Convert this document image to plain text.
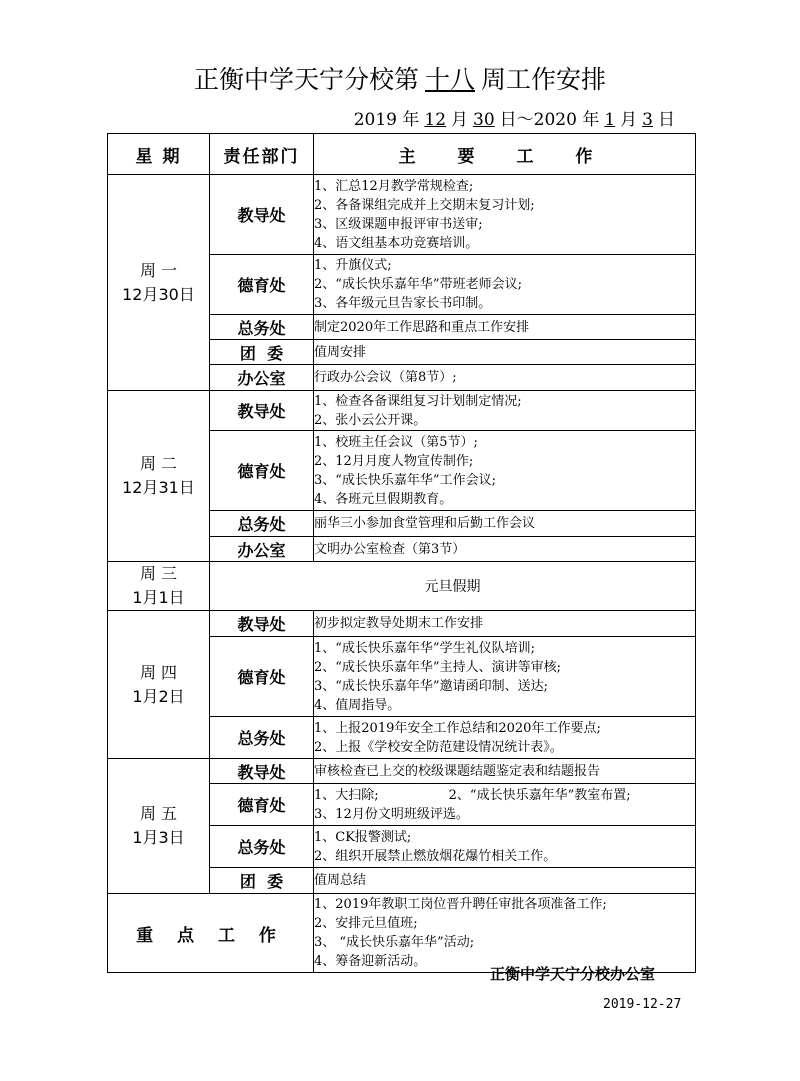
正衡中学天宁分校第 十八 周工作安排
2019 年 12 月 30 日～2020 年 1 月 3 日
星 期	责任部门	主 要 工 作

周 一
12月30日	教导处	1、汇总12月教学常规检查;
2、各备课组完成并上交期末复习计划;
3、区级课题申报评审书送审;
4、语文组基本功竞赛培训。

	德育处	1、升旗仪式;
2、“成长快乐嘉年华”带班老师会议;
3、各年级元旦告家长书印制。

	总务处	制定2020年工作思路和重点工作安排
	团  委	值周安排
	办公室	行政办公会议（第8节）;

周 二
12月31日	教导处	1、检查各备课组复习计划制定情况;
2、张小云公开课。

	德育处	1、校班主任会议（第5节）;
2、12月月度人物宣传制作;
3、“成长快乐嘉年华”工作会议;
4、各班元旦假期教育。

	总务处	丽华三小参加食堂管理和后勤工作会议
	办公室	文明办公室检查（第3节）

周 三
1月1日	元旦假期	

周 四
1月2日	教导处	初步拟定教导处期末工作安排
	德育处	1、“成长快乐嘉年华”学生礼仪队培训;
2、“成长快乐嘉年华”主持人、演讲等审核;
3、“成长快乐嘉年华”邀请函印制、送达;
4、值周指导。

	总务处	1、上报2019年安全工作总结和2020年工作要点;
2、上报《学校安全防范建设情况统计表》。

周 五
1月3日	教导处	审核检查已上交的校级课题结题鉴定表和结题报告
	德育处	1、大扫除; 2、“成长快乐嘉年华”教室布置;
3、12月份文明班级评选。

	总务处	1、CK报警测试;
2、组织开展禁止燃放烟花爆竹相关工作。

	团  委	值周总结
重 点 工 作		1、2019年教职工岗位晋升聘任审批各项准备工作;
2、安排元旦值班;
3、 “成长快乐嘉年华”活动;
4、筹备迎新活动。
正衡中学天宁分校办公室
2019-12-27
